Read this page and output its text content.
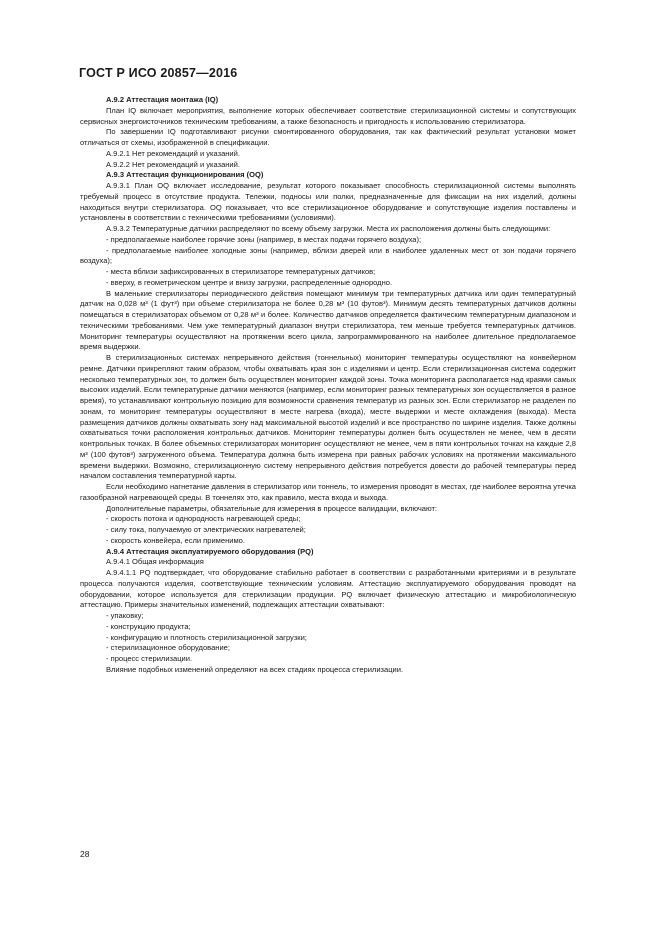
ГОСТ Р ИСО 20857—2016

А.9.2 Аттестация монтажа (IQ)

План IQ включает мероприятия, выполнение которых обеспечивает соответствие стерилизационной системы и сопутствующих сервисных энергоисточников техническим требованиям, а также безопасность и пригодность к использованию стерилизатора.

По завершении IQ подготавливают рисунки смонтированного оборудования, так как фактический результат установки может отличаться от схемы, изображенной в спецификации.

А.9.2.1 Нет рекомендаций и указаний.

А.9.2.2 Нет рекомендаций и указаний.

А.9.3 Аттестация функционирования (OQ)

А.9.3.1 План OQ включает исследование, результат которого показывает способность стерилизационной системы выполнять требуемый процесс в отсутствие продукта. Тележки, подносы или полки, предназначенные для фиксации на них изделий, должны находиться внутри стерилизатора. OQ показывает, что все стерилизационное оборудование и сопутствующие изделия поставлены и установлены в соответствии с техническими требованиями (условиями).

А.9.3.2 Температурные датчики распределяют по всему объему загрузки. Места их расположения должны быть следующими:

- предполагаемые наиболее горячие зоны (например, в местах подачи горячего воздуха);

- предполагаемые наиболее холодные зоны (например, вблизи дверей или в наиболее удаленных мест от зон подачи горячего воздуха);

- места вблизи зафиксированных в стерилизаторе температурных датчиков;

- вверху, в геометрическом центре и внизу загрузки, распределенные однородно.

В маленькие стерилизаторы периодического действия помещают минимум три температурных датчика или один температурный датчик на 0,028 м³ (1 фут³) при объеме стерилизатора не более 0,28 м³ (10 футов³). Минимум десять температурных датчиков должны помещаться в стерилизаторах объемом от 0,28 м³ и более. Количество датчиков определяется фактическим температурным диапазоном и техническими требованиями. Чем уже температурный диапазон внутри стерилизатора, тем меньше требуется температурных датчиков. Мониторинг температуры осуществляют на протяжении всего цикла, запрограммированного на наиболее длительное предполагаемое время выдержки.

В стерилизационных системах непрерывного действия (тоннельных) мониторинг температуры осуществляют на конвейерном ремне. Датчики прикрепляют таким образом, чтобы охватывать края зон с изделиями и центр. Если стерилизационная система содержит несколько температурных зон, то должен быть осуществлен мониторинг каждой зоны. Точка мониторинга располагается над краями самых высоких изделий. Если температурные датчики меняются (например, если мониторинг разных температурных зон осуществляется в разное время), то устанавливают контрольную позицию для возможности сравнения температур из разных зон. Если стерилизатор не разделен по зонам, то мониторинг температуры осуществляют в месте нагрева (входа), месте выдержки и месте охлаждения (выхода). Места размещения датчиков должны охватывать зону над максимальной высотой изделий и все пространство по ширине изделия. Также должны охватываться точки расположения контрольных датчиков. Мониторинг температуры должен быть осуществлен не менее, чем в десяти контрольных точках. В более объемных стерилизаторах мониторинг осуществляют не менее, чем в пяти контрольных точках на каждые 2,8 м³ (100 футов³) загруженного объема. Температура должна быть измерена при равных рабочих условиях на протяжении максимального времени выдержки. Возможно, стерилизационную систему непрерывного действия потребуется довести до рабочей температуры перед началом составления температурной карты.

Если необходимо нагнетание давления в стерилизатор или тоннель, то измерения проводят в местах, где наиболее вероятна утечка газообразной нагревающей среды. В тоннелях это, как правило, места входа и выхода.

Дополнительные параметры, обязательные для измерения в процессе валидации, включают:

- скорость потока и однородность нагревающей среды;

- силу тока, получаемую от электрических нагревателей;

- скорость конвейера, если применимо.

А.9.4 Аттестация эксплуатируемого оборудования (PQ)

А.9.4.1 Общая информация

А.9.4.1.1 PQ подтверждает, что оборудование стабильно работает в соответствии с разработанными критериями и в результате процесса получаются изделия, соответствующие техническим условиям. Аттестацию эксплуатируемого оборудования проводят на оборудовании, которое используется для стерилизации продукции. PQ включает физическую аттестацию и микробиологическую аттестацию. Примеры значительных изменений, подлежащих аттестации охватывают:

- упаковку;

- конструкцию продукта;

- конфигурацию и плотность стерилизационной загрузки;

- стерилизационное оборудование;

- процесс стерилизации.

Влияние подобных изменений определяют на всех стадиях процесса стерилизации.

28
